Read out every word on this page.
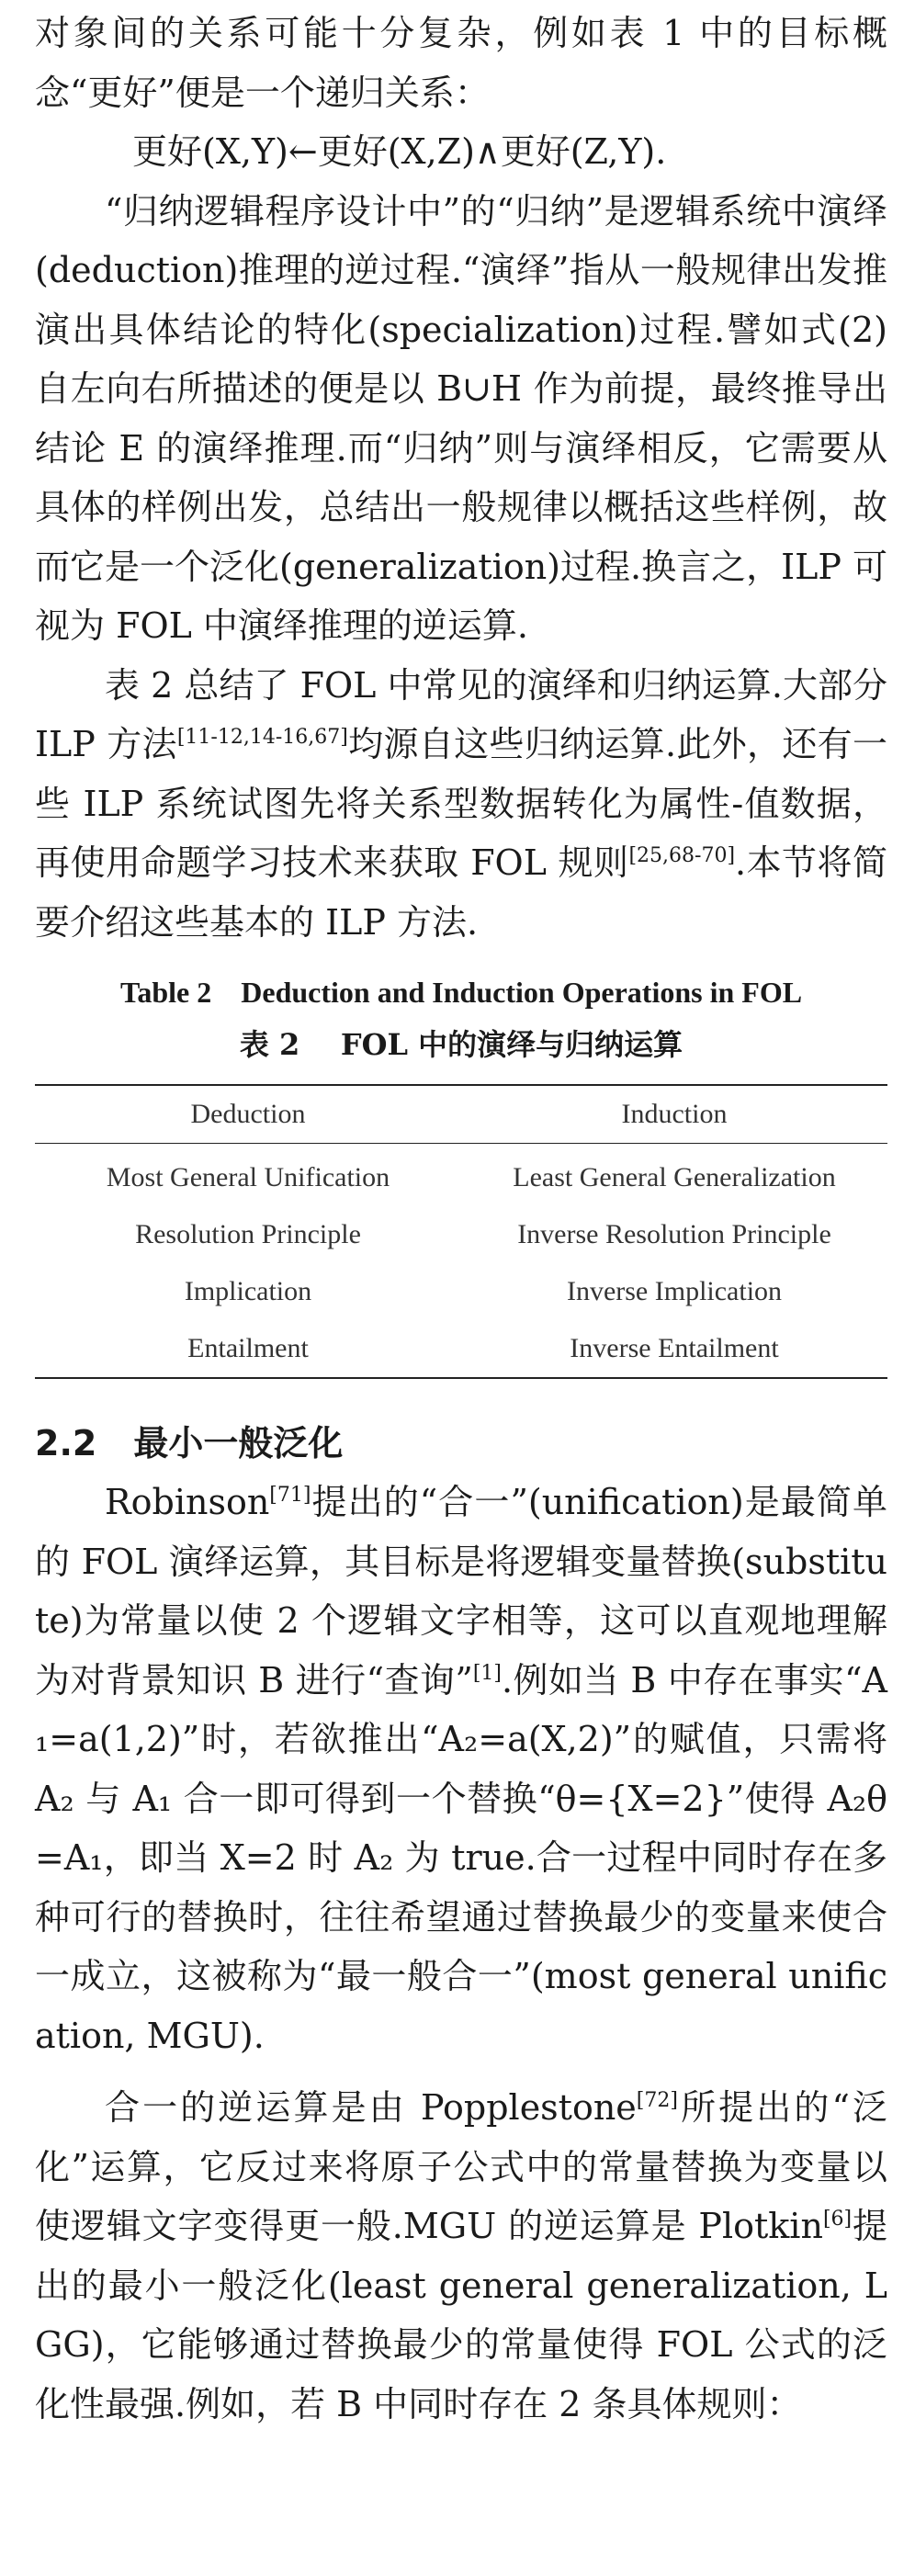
对象间的关系可能十分复杂，例如表 1 中的目标概念“更好”便是一个递归关系：

更好(X,Y)←更好(X,Z)∧更好(Z,Y).

“归纳逻辑程序设计中”的“归纳”是逻辑系统中演绎(deduction)推理的逆过程.“演绎”指从一般规律出发推演出具体结论的特化(specialization)过程.譬如式(2)自左向右所描述的便是以 B∪H 作为前提，最终推导出结论 E 的演绎推理.而“归纳”则与演绎相反，它需要从具体的样例出发，总结出一般规律以概括这些样例，故而它是一个泛化(generalization)过程.换言之，ILP 可视为 FOL 中演绎推理的逆运算.

表 2 总结了 FOL 中常见的演绎和归纳运算.大部分 ILP 方法[11-12,14-16,67]均源自这些归纳运算.此外，还有一些 ILP 系统试图先将关系型数据转化为属性-值数据，再使用命题学习技术来获取 FOL 规则[25,68-70].本节将简要介绍这些基本的 ILP 方法.

Table 2    Deduction and Induction Operations in FOL
表 2    FOL 中的演绎与归纳运算
Deduction	Induction
Most General Unification	Least General Generalization
Resolution Principle	Inverse Resolution Principle
Implication	Inverse Implication
Entailment	Inverse Entailment
2.2 最小一般泛化

Robinson[71]提出的“合一”(unification)是最简单的 FOL 演绎运算，其目标是将逻辑变量替换(substitute)为常量以使 2 个逻辑文字相等，这可以直观地理解为对背景知识 B 进行“查询”[1].例如当 B 中存在事实“A₁=a(1,2)”时，若欲推出“A₂=a(X,2)”的赋值，只需将 A₂ 与 A₁ 合一即可得到一个替换“θ={X=2}”使得 A₂θ=A₁，即当 X=2 时 A₂ 为 true.合一过程中同时存在多种可行的替换时，往往希望通过替换最少的变量来使合一成立，这被称为“最一般合一”(most general unification, MGU).

合一的逆运算是由 Popplestone[72]所提出的“泛化”运算，它反过来将原子公式中的常量替换为变量以使逻辑文字变得更一般.MGU 的逆运算是 Plotkin[6]提出的最小一般泛化(least general generalization, LGG)，它能够通过替换最少的常量使得 FOL 公式的泛化性最强.例如，若 B 中同时存在 2 条具体规则：
